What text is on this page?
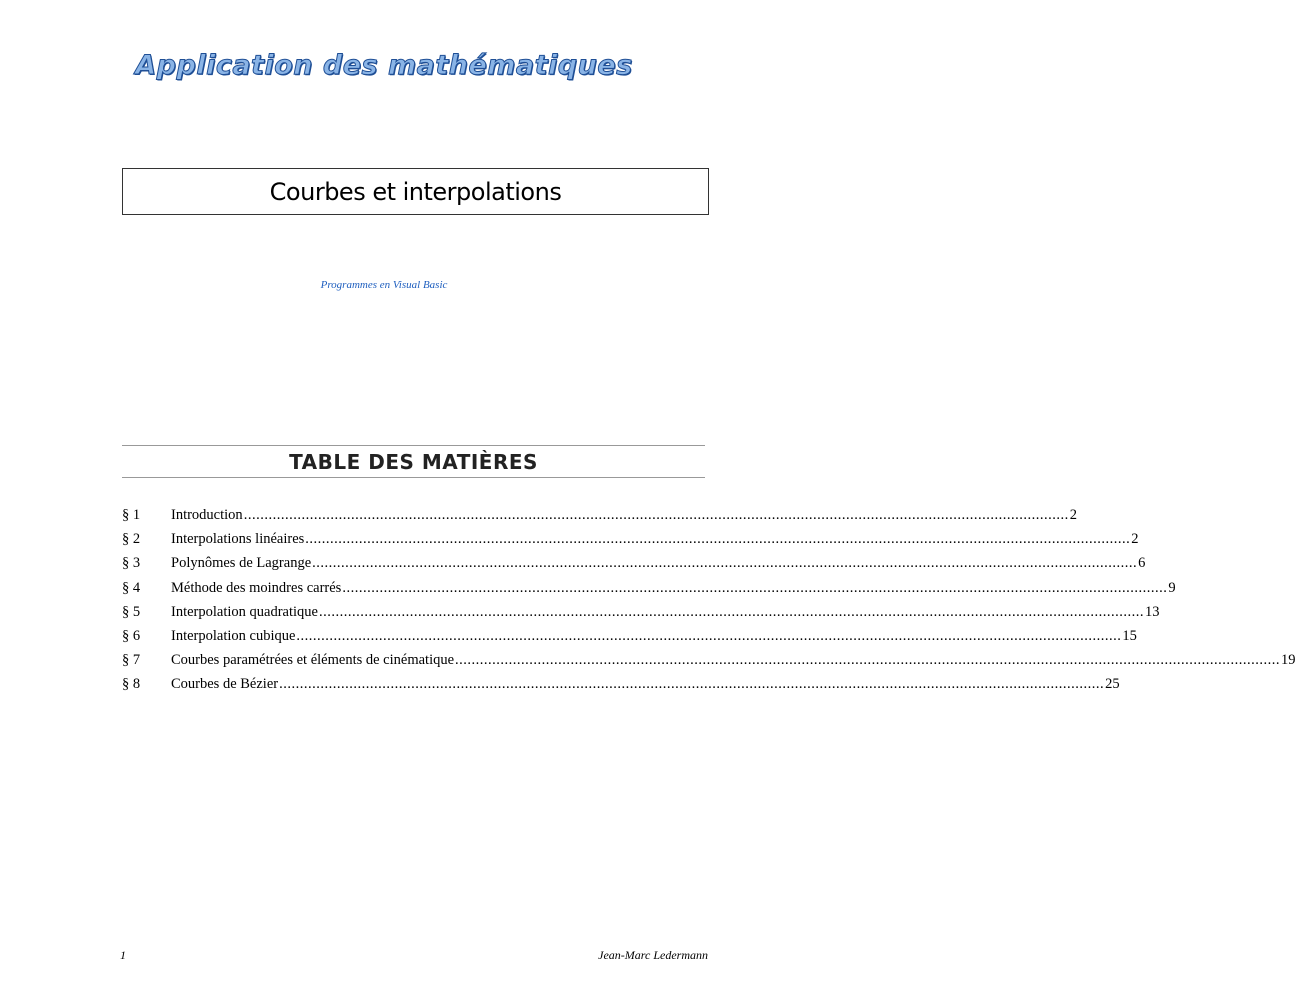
Application des mathématiques
Courbes et interpolations
Programmes en Visual Basic
TABLE DES MATIÈRES
§ 1	Introduction ........................................................................................................................................................................................................ 2
§ 2	Interpolations linéaires ........................................................................................................................................................................................................ 2
§ 3	Polynômes de Lagrange ........................................................................................................................................................................................................ 6
§ 4	Méthode des moindres carrés ........................................................................................................................................................................................................ 9
§ 5	Interpolation quadratique ........................................................................................................................................................................................................ 13
§ 6	Interpolation cubique ........................................................................................................................................................................................................ 15
§ 7	Courbes paramétrées et éléments de cinématique ........................................................................................................................................................................................................ 19
§ 8	Courbes de Bézier ........................................................................................................................................................................................................ 25
1	Jean-Marc Ledermann
